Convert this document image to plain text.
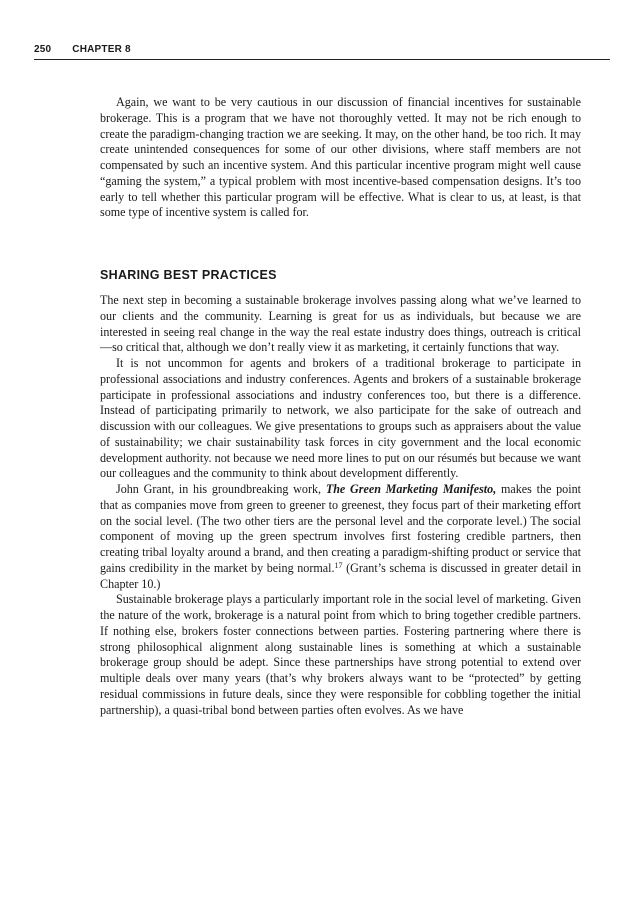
250 CHAPTER 8

Again, we want to be very cautious in our discussion of financial incentives for sustainable brokerage. This is a program that we have not thoroughly vetted. It may not be rich enough to create the paradigm-changing traction we are seeking. It may, on the other hand, be too rich. It may create unintended consequences for some of our other divisions, where staff members are not compensated by such an incentive system. And this particular incentive program might well cause “gaming the system,” a typical problem with most incentive-based compensation designs. It’s too early to tell whether this particular program will be effective. What is clear to us, at least, is that some type of incentive system is called for.

SHARING BEST PRACTICES

The next step in becoming a sustainable brokerage involves passing along what we’ve learned to our clients and the community. Learning is great for us as individuals, but because we are interested in seeing real change in the way the real estate industry does things, outreach is critical—so critical that, although we don’t really view it as marketing, it certainly functions that way.

It is not uncommon for agents and brokers of a traditional brokerage to participate in professional associations and industry conferences. Agents and brokers of a sustainable brokerage participate in professional associations and industry conferences too, but there is a difference. Instead of participating primarily to network, we also participate for the sake of outreach and discussion with our colleagues. We give presentations to groups such as appraisers about the value of sustainability; we chair sustainability task forces in city government and the local economic development authority. not because we need more lines to put on our résumés but because we want our colleagues and the community to think about development differently.

John Grant, in his groundbreaking work, The Green Marketing Manifesto, makes the point that as companies move from green to greener to greenest, they focus part of their marketing effort on the social level. (The two other tiers are the personal level and the corporate level.) The social component of moving up the green spectrum involves first fostering credible partners, then creating tribal loyalty around a brand, and then creating a paradigm-shifting product or service that gains credibility in the market by being normal.$^{17}$ (Grant’s schema is discussed in greater detail in Chapter 10.)

Sustainable brokerage plays a particularly important role in the social level of marketing. Given the nature of the work, brokerage is a natural point from which to bring together credible partners. If nothing else, brokers foster connections between parties. Fostering partnering where there is strong philosophical alignment along sustainable lines is something at which a sustainable brokerage group should be adept. Since these partnerships have strong potential to extend over multiple deals over many years (that’s why brokers always want to be “protected” by getting residual commissions in future deals, since they were responsible for cobbling together the initial partnership), a quasi-tribal bond between parties often evolves. As we have
